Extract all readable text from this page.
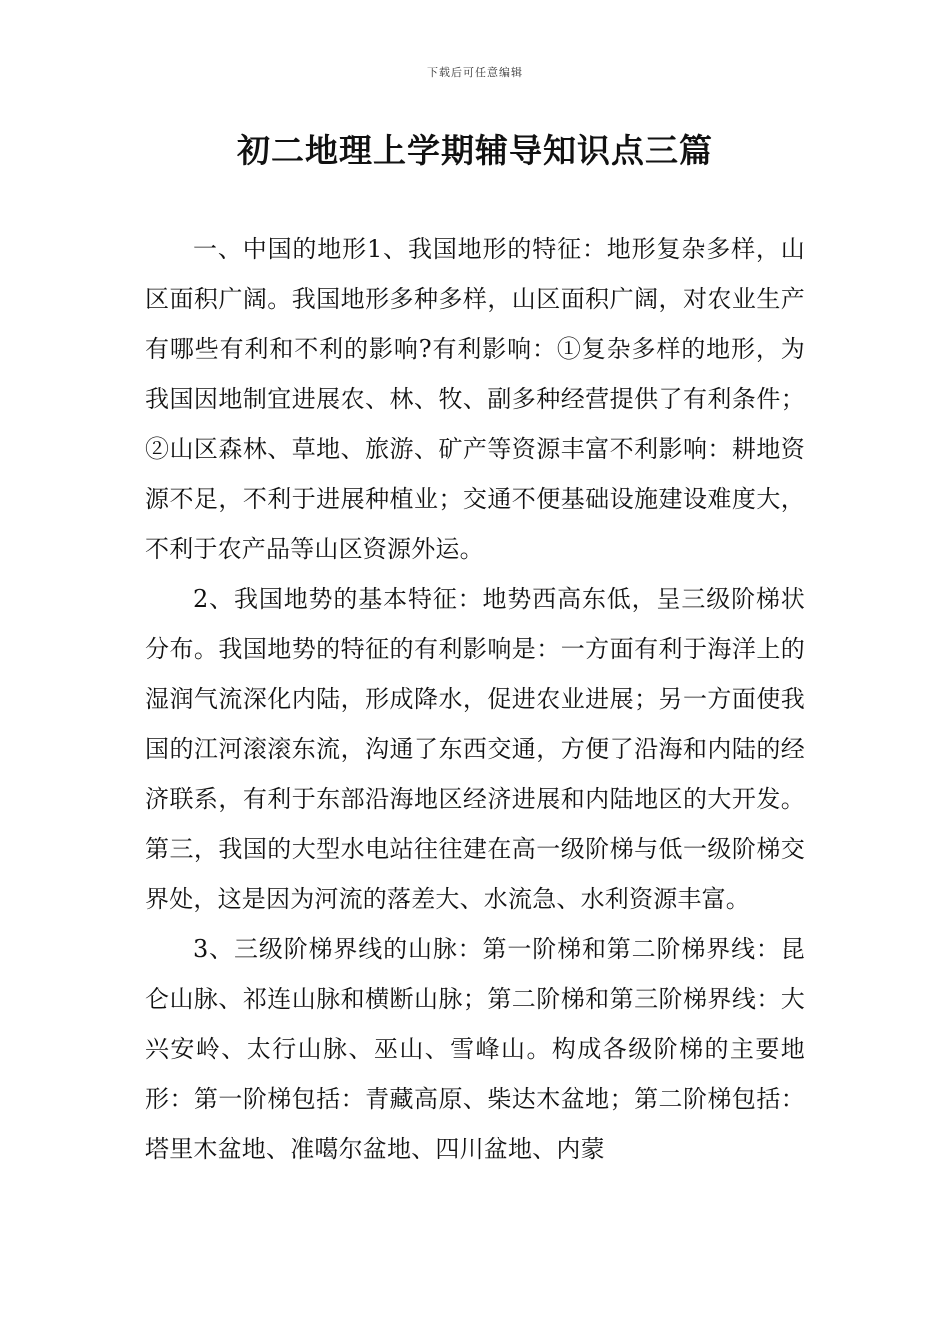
下载后可任意编辑
初二地理上学期辅导知识点三篇

一、中国的地形1、我国地形的特征：地形复杂多样，山区面积广阔。我国地形多种多样，山区面积广阔，对农业生产有哪些有利和不利的影响?有利影响：①复杂多样的地形，为我国因地制宜进展农、林、牧、副多种经营提供了有利条件；②山区森林、草地、旅游、矿产等资源丰富不利影响：耕地资源不足，不利于进展种植业；交通不便基础设施建设难度大，不利于农产品等山区资源外运。

2、我国地势的基本特征：地势西高东低，呈三级阶梯状分布。我国地势的特征的有利影响是：一方面有利于海洋上的湿润气流深化内陆，形成降水，促进农业进展；另一方面使我国的江河滚滚东流，沟通了东西交通，方便了沿海和内陆的经济联系，有利于东部沿海地区经济进展和内陆地区的大开发。第三，我国的大型水电站往往建在高一级阶梯与低一级阶梯交界处，这是因为河流的落差大、水流急、水利资源丰富。

3、三级阶梯界线的山脉：第一阶梯和第二阶梯界线：昆仑山脉、祁连山脉和横断山脉；第二阶梯和第三阶梯界线：大兴安岭、太行山脉、巫山、雪峰山。构成各级阶梯的主要地形：第一阶梯包括：青藏高原、柴达木盆地；第二阶梯包括：塔里木盆地、准噶尔盆地、四川盆地、内蒙
